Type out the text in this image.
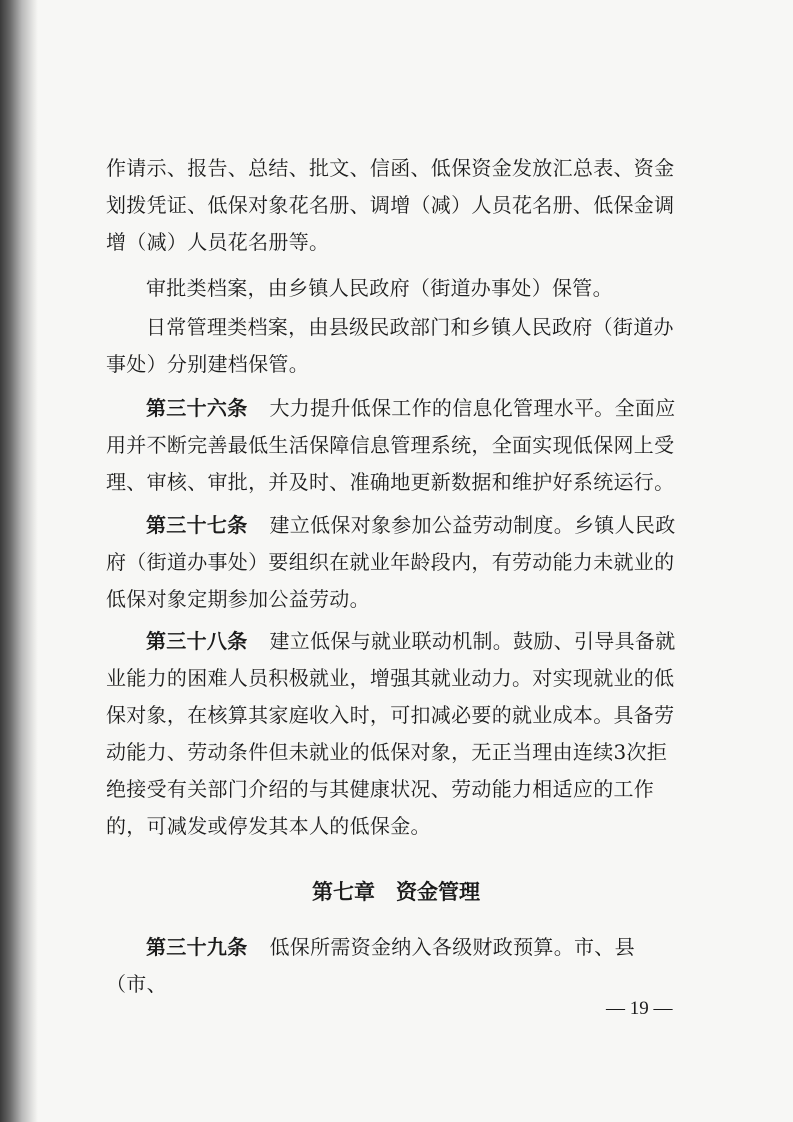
作请示、报告、总结、批文、信函、低保资金发放汇总表、资金划拨凭证、低保对象花名册、调增（减）人员花名册、低保金调增（减）人员花名册等。

审批类档案，由乡镇人民政府（街道办事处）保管。

日常管理类档案，由县级民政部门和乡镇人民政府（街道办事处）分别建档保管。

第三十六条 大力提升低保工作的信息化管理水平。全面应用并不断完善最低生活保障信息管理系统，全面实现低保网上受理、审核、审批，并及时、准确地更新数据和维护好系统运行。

第三十七条 建立低保对象参加公益劳动制度。乡镇人民政府（街道办事处）要组织在就业年龄段内，有劳动能力未就业的低保对象定期参加公益劳动。

第三十八条 建立低保与就业联动机制。鼓励、引导具备就业能力的困难人员积极就业，增强其就业动力。对实现就业的低保对象，在核算其家庭收入时，可扣减必要的就业成本。具备劳动能力、劳动条件但未就业的低保对象，无正当理由连续3次拒绝接受有关部门介绍的与其健康状况、劳动能力相适应的工作的，可减发或停发其本人的低保金。

第七章　资金管理

第三十九条 低保所需资金纳入各级财政预算。市、县（市、

— 19 —
